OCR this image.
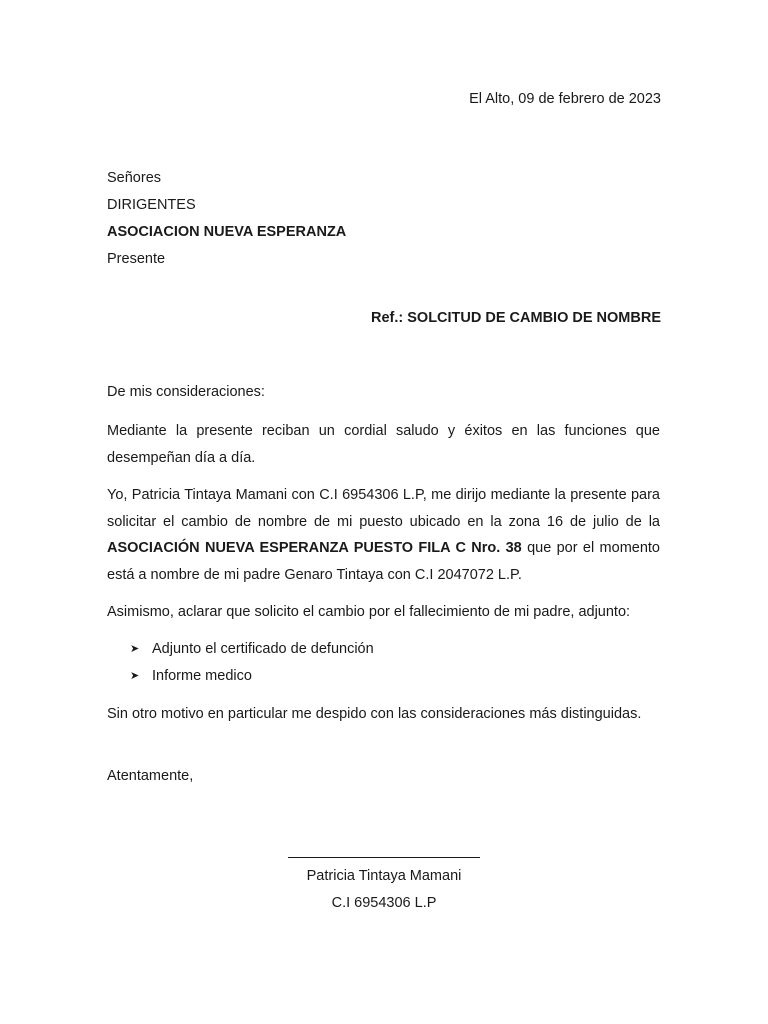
El Alto, 09 de febrero de 2023
Señores
DIRIGENTES
ASOCIACION NUEVA ESPERANZA
Presente
Ref.: SOLCITUD DE CAMBIO DE NOMBRE
De mis consideraciones:
Mediante la presente reciban un cordial saludo y éxitos en las funciones que desempeñan día a día.
Yo, Patricia Tintaya Mamani con C.I 6954306 L.P, me dirijo mediante la presente para solicitar el cambio de nombre de mi puesto ubicado en la zona 16 de julio de la ASOCIACIÓN NUEVA ESPERANZA PUESTO FILA C Nro. 38 que por el momento está a nombre de mi padre Genaro Tintaya con C.I 2047072 L.P.
Asimismo, aclarar que solicito el cambio por el fallecimiento de mi padre, adjunto:
➤ Adjunto el certificado de defunción
➤ Informe medico
Sin otro motivo en particular me despido con las consideraciones más distinguidas.
Atentamente,
Patricia Tintaya Mamani
C.I 6954306 L.P
